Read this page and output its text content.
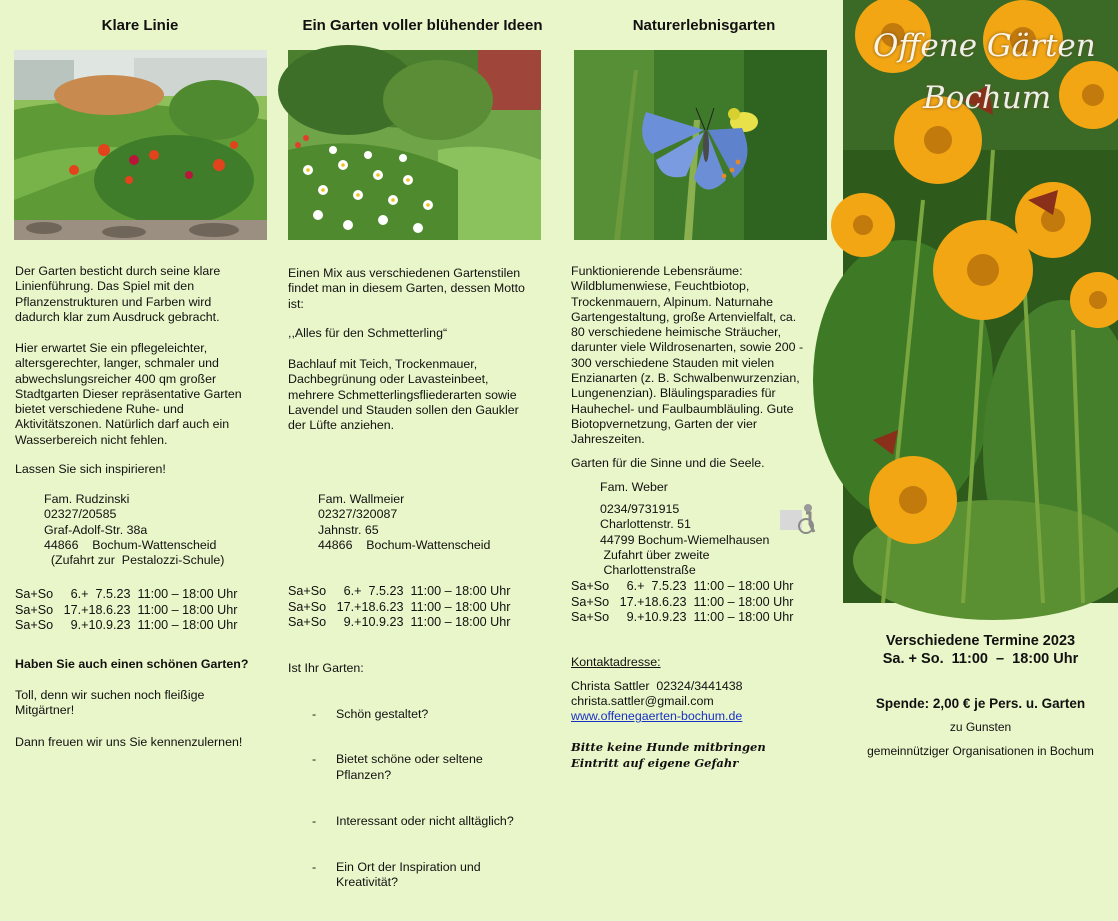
Klare Linie
Der Garten besticht durch seine klare
Linienführung. Das Spiel mit den
Pflanzenstrukturen und Farben wird
dadurch klar zum Ausdruck gebracht.
Hier erwartet Sie ein pflegeleichter,
altersgerechter, langer, schmaler und
abwechslungsreicher 400 qm großer
Stadtgarten Dieser repräsentative Garten
bietet verschiedene Ruhe- und
Aktivitätszonen. Natürlich darf auch ein
Wasserbereich nicht fehlen.
Lassen Sie sich inspirieren!
Fam. Rudzinski
02327/20585
Graf-Adolf-Str. 38a
44866    Bochum-Wattenscheid
(Zufahrt zur  Pestalozzi-Schule)
Sa+So     6.+  7.5.23  11:00 – 18:00 Uhr
Sa+So   17.+18.6.23  11:00 – 18:00 Uhr
Sa+So     9.+10.9.23  11:00 – 18:00 Uhr
Haben Sie auch einen schönen Garten?
Toll, denn wir suchen noch fleißige
Mitgärtner!
Dann freuen wir uns Sie kennenzulernen!
Ein Garten voller blühender Ideen
Einen Mix aus verschiedenen Gartenstilen
findet man in diesem Garten, dessen Motto
ist:
,,Alles für den Schmetterling“
Bachlauf mit Teich, Trockenmauer,
Dachbegrünung oder Lavasteinbeet,
mehrere Schmetterlingsfliederarten sowie
Lavendel und Stauden sollen den Gaukler
der Lüfte anziehen.
Fam. Wallmeier
02327/320087
Jahnstr. 65
44866    Bochum-Wattenscheid
Sa+So     6.+  7.5.23  11:00 – 18:00 Uhr
Sa+So   17.+18.6.23  11:00 – 18:00 Uhr
Sa+So     9.+10.9.23  11:00 – 18:00 Uhr
Ist Ihr Garten:

- Schön gestaltet?

- Bietet schöne oder seltene
Pflanzen?

- Interessant oder nicht alltäglich?

- Ein Ort der Inspiration und
Kreativität?

Naturerlebnisgarten
Funktionierende Lebensräume:
Wildblumenwiese, Feuchtbiotop,
Trockenmauern, Alpinum. Naturnahe
Gartengestaltung, große Artenvielfalt, ca.
80 verschiedene heimische Sträucher,
darunter viele Wildrosenarten, sowie 200 -
300 verschiedene Stauden mit vielen
Enzianarten (z. B. Schwalbenwurzenzian,
Lungenenzian). Bläulingsparadies für
Hauhechel- und Faulbaumbläuling. Gute
Biotopvernetzung, Garten der vier
Jahreszeiten.
Garten für die Sinne und die Seele.
Fam. Weber
0234/9731915
Charlottenstr. 51
44799 Bochum-Wiemelhausen
Zufahrt über zweite
Charlottenstraße
Sa+So     6.+  7.5.23  11:00 – 18:00 Uhr
Sa+So   17.+18.6.23  11:00 – 18:00 Uhr
Sa+So     9.+10.9.23  11:00 – 18:00 Uhr
Kontaktadresse:
Christa Sattler  02324/3441438
christa.sattler@gmail.com
www.offenegaerten-bochum.de
Bitte keine Hunde mitbringen
Eintritt auf eigene Gefahr
Offene Gärten
Bochum
Verschiedene Termine 2023
Sa. + So.  11:00  –  18:00 Uhr
Spende: 2,00 € je Pers. u. Garten
zu Gunsten
gemeinnütziger Organisationen in Bochum
